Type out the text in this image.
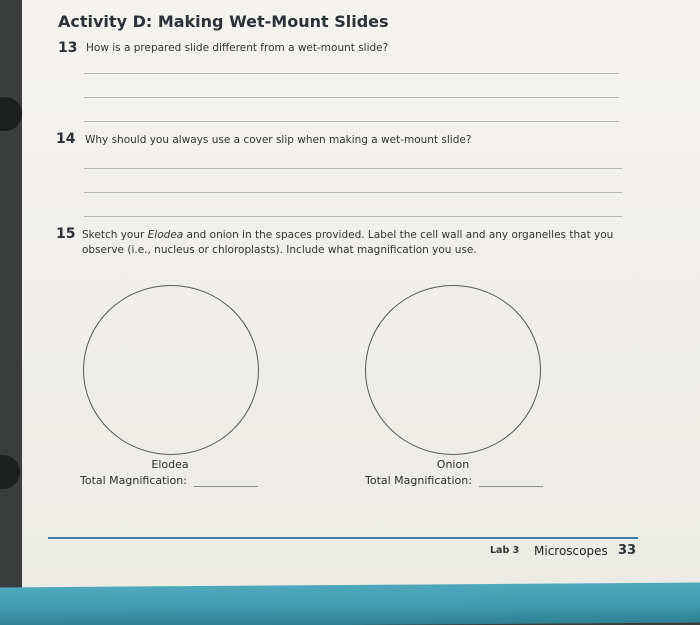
Activity D: Making Wet-Mount Slides
13 How is a prepared slide different from a wet-mount slide?
14 Why should you always use a cover slip when making a wet-mount slide?
15 Sketch your Elodea and onion in the spaces provided. Label the cell wall and any organelles that you observe (i.e., nucleus or chloroplasts). Include what magnification you use.
Elodea
Total Magnification:
Onion
Total Magnification:
Lab 3 Microscopes 33
